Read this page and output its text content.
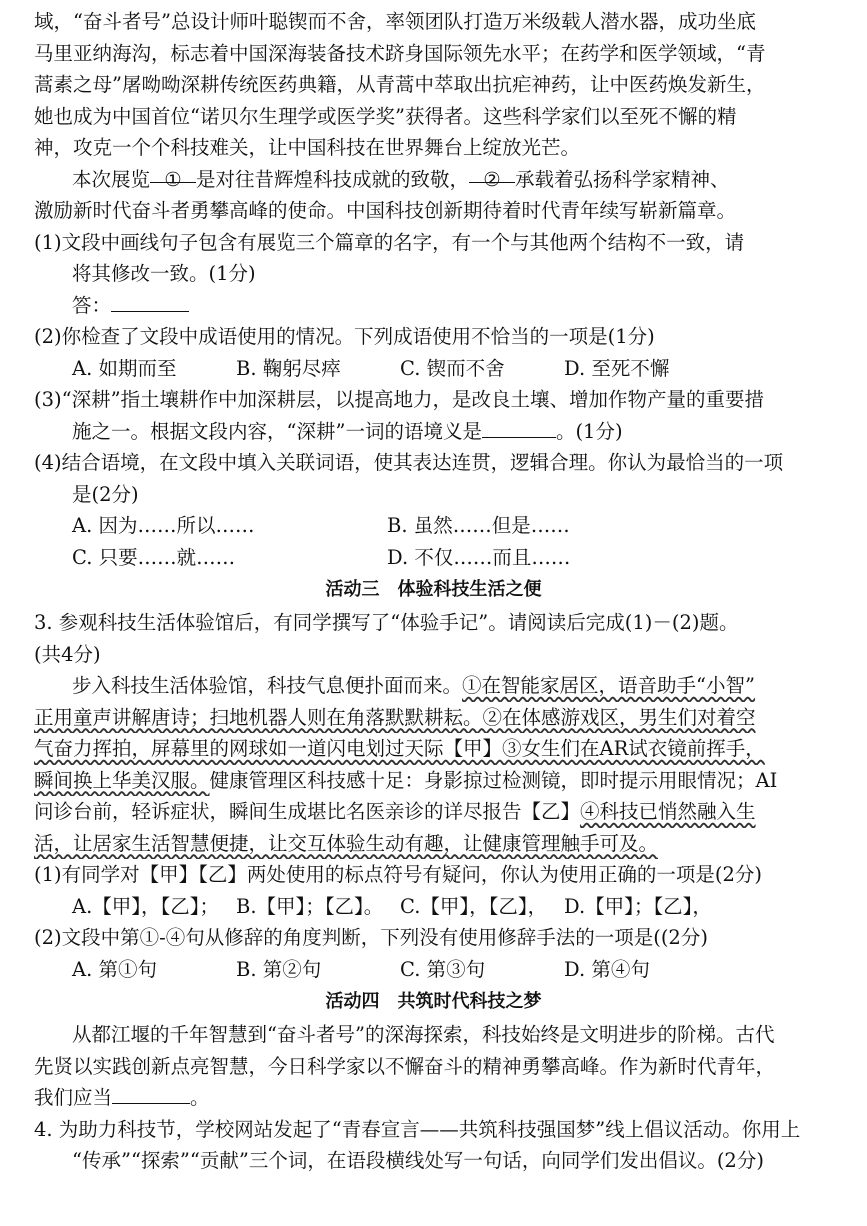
域，“奋斗者号”总设计师叶聪锲而不舍，率领团队打造万米级载人潜水器，成功坐底
马里亚纳海沟，标志着中国深海装备技术跻身国际领先水平；在药学和医学领域，“青
蒿素之母”屠呦呦深耕传统医药典籍，从青蒿中萃取出抗疟神药，让中医药焕发新生，
她也成为中国首位“诺贝尔生理学或医学奖”获得者。这些科学家们以至死不懈的精
神，攻克一个个科技难关，让中国科技在世界舞台上绽放光芒。
本次展览 ① 是对往昔辉煌科技成就的致敬， ② 承载着弘扬科学家精神、
激励新时代奋斗者勇攀高峰的使命。中国科技创新期待着时代青年续写崭新篇章。
(1)文段中画线句子包含有展览三个篇章的名字，有一个与其他两个结构不一致，请
将其修改一致。(1分)
答：
(2)你检查了文段中成语使用的情况。下列成语使用不恰当的一项是(1分)
A. 如期而至	B. 鞠躬尽瘁	C. 锲而不舍	D. 至死不懈
(3)“深耕”指土壤耕作中加深耕层，以提高地力，是改良土壤、增加作物产量的重要措
施之一。根据文段内容，“深耕”一词的语境义是	。(1分)
(4)结合语境，在文段中填入关联词语，使其表达连贯，逻辑合理。你认为最恰当的一项
是(2分)
A. 因为……所以……	B. 虽然……但是……
C. 只要……就……	D. 不仅……而且……
活动三　体验科技生活之便
3. 参观科技生活体验馆后，有同学撰写了“体验手记”。请阅读后完成(1)－(2)题。
(共4分)
步入科技生活体验馆，科技气息便扑面而来。①在智能家居区，语音助手“小智”
正用童声讲解唐诗；扫地机器人则在角落默默耕耘。②在体感游戏区，男生们对着空
气奋力挥拍，屏幕里的网球如一道闪电划过天际【甲】③女生们在AR试衣镜前挥手，
瞬间换上华美汉服。健康管理区科技感十足：身影掠过检测镜，即时提示用眼情况；AI
问诊台前，轻诉症状，瞬间生成堪比名医亲诊的详尽报告【乙】④科技已悄然融入生
活，让居家生活智慧便捷，让交互体验生动有趣，让健康管理触手可及。
(1)有同学对【甲】【乙】两处使用的标点符号有疑问，你认为使用正确的一项是(2分)
A.【甲】，【乙】； B.【甲】；【乙】。 C.【甲】，【乙】， D.【甲】；【乙】，
(2)文段中第①-④句从修辞的角度判断，下列没有使用修辞手法的一项是((2分)
A. 第①句	B. 第②句	C. 第③句	D. 第④句
活动四　共筑时代科技之梦
从都江堰的千年智慧到“奋斗者号”的深海探索，科技始终是文明进步的阶梯。古代
先贤以实践创新点亮智慧，今日科学家以不懈奋斗的精神勇攀高峰。作为新时代青年，
我们应当	。
4. 为助力科技节，学校网站发起了“青春宣言——共筑科技强国梦”线上倡议活动。你用上
“传承”“探索”“贡献”三个词，在语段横线处写一句话，向同学们发出倡议。(2分)
